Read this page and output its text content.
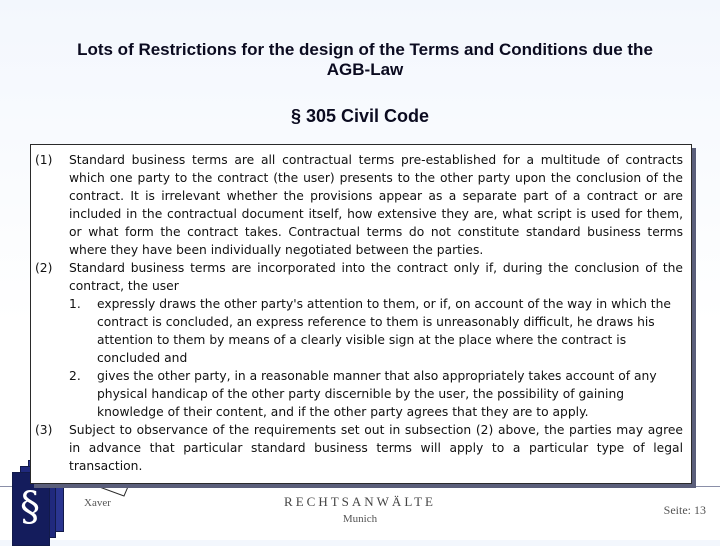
Lots of Restrictions for the design of the Terms and Conditions due the AGB-Law
§ 305 Civil Code
§	Xaver	RECHTSANWÄLTE
Munich
Seite: 13
(1) Standard business terms are all contractual terms pre-established for a multitude of contracts which one party to the contract (the user) presents to the other party upon the conclusion of the contract. It is irrelevant whether the provisions appear as a separate part of a contract or are included in the contractual document itself, how extensive they are, what script is used for them, or what form the contract takes. Contractual terms do not constitute standard business terms where they have been individually negotiated between the parties.
(2) Standard business terms are incorporated into the contract only if, during the conclusion of the contract, the user
1. expressly draws the other party's attention to them, or if, on account of the way in which the contract is concluded, an express reference to them is unreasonably difficult, he draws his attention to them by means of a clearly visible sign at the place where the contract is concluded and
2. gives the other party, in a reasonable manner that also appropriately takes account of any physical handicap of the other party discernible by the user, the possibility of gaining knowledge of their content, and if the other party agrees that they are to apply.
(3) Subject to observance of the requirements set out in subsection (2) above, the parties may agree in advance that particular standard business terms will apply to a particular type of legal transaction.
